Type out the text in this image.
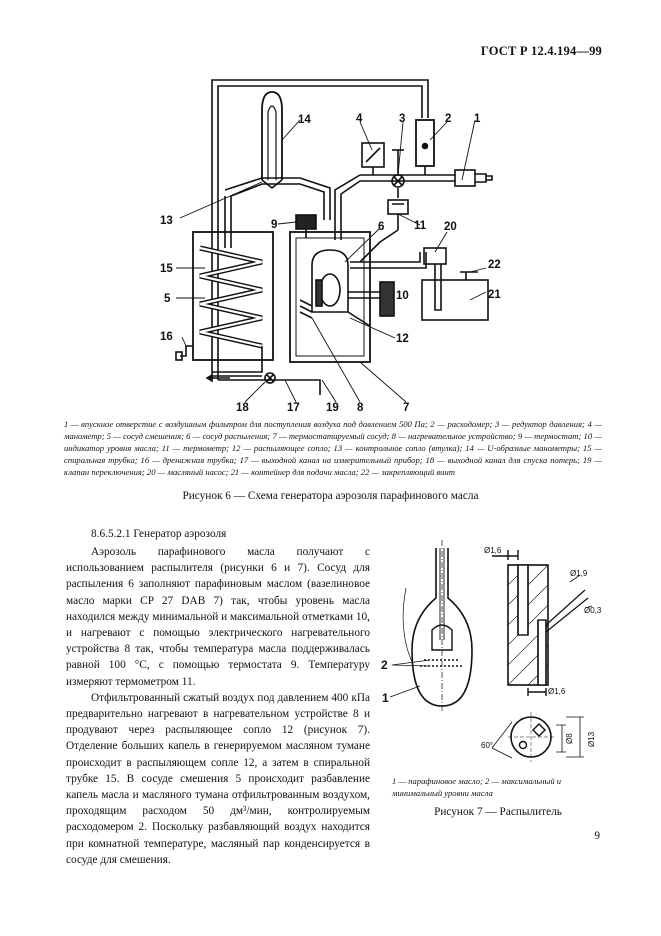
ГОСТ Р 12.4.194—99
1
2
3
4
5
6
7
8
9
10
11
12
13
14
15
16
17
18	19
20
21
22
1 — впускное отверстие с воздушным фильтром для поступления воздуха под давлением 500 Па; 2 — расходомер; 3 — редуктор давления; 4 — манометр; 5 — сосуд смешения; 6 — сосуд распыления; 7 — термостатируемый сосуд; 8 — нагревательное устройство; 9 — термостат; 10 — индикатор уровня масла; 11 — термометр; 12 — распыляющее сопло; 13 — контрольное сопло (втулка); 14 — U-образные манометры; 15 — спиральная трубка; 16 — дренажная трубка; 17 — выходной канал на измерительный прибор; 18 — выходной канал для спуска потерь; 19 — клапан переключения; 20 — масляный насос; 21 — контейнер для подачи масла; 22 — закрепляющий винт
Рисунок 6 — Схема генератора аэрозоля парафинового масла
8.6.5.2.1 Генератор аэрозоля

Аэрозоль парафинового масла получают с использованием распылителя (рисунки 6 и 7). Сосуд для распыления 6 заполняют парафиновым маслом (вазелиновое масло марки CP 27 DAB 7) так, чтобы уровень масла находился между минимальной и максимальной отметками 10, и нагревают с помощью электрического нагревательного устройства 8 так, чтобы температура масла поддерживалась равной 100 °С, с помощью термостата 9. Температуру измеряют термометром 11.

Отфильтрованный сжатый воздух под давлением 400 кПа предварительно нагревают в нагревательном устройстве 8 и продувают через распыляющее сопло 12 (рисунок 7). Отделение больших капель в генерируемом масляном тумане происходит в распыляющем сопле 12, а затем в спиральной трубке 15. В сосуде смешения 5 происходит разбавление капель масла и масляного тумана отфильтрованным воздухом, проходящим расходом 50 дм³/мин, контролируемым расходомером 2. Поскольку разбавляющий воздух находится при комнатной температуре, масляный пар конденсируется в сосуде для смешения.

Ø1,6
Ø1,9
Ø0,3
Ø1,6
60°
Ø8 Ø13
2
1
1 — парафиновое масло; 2 — максимальный и минимальный уровни масла
Рисунок 7 — Распылитель
9
